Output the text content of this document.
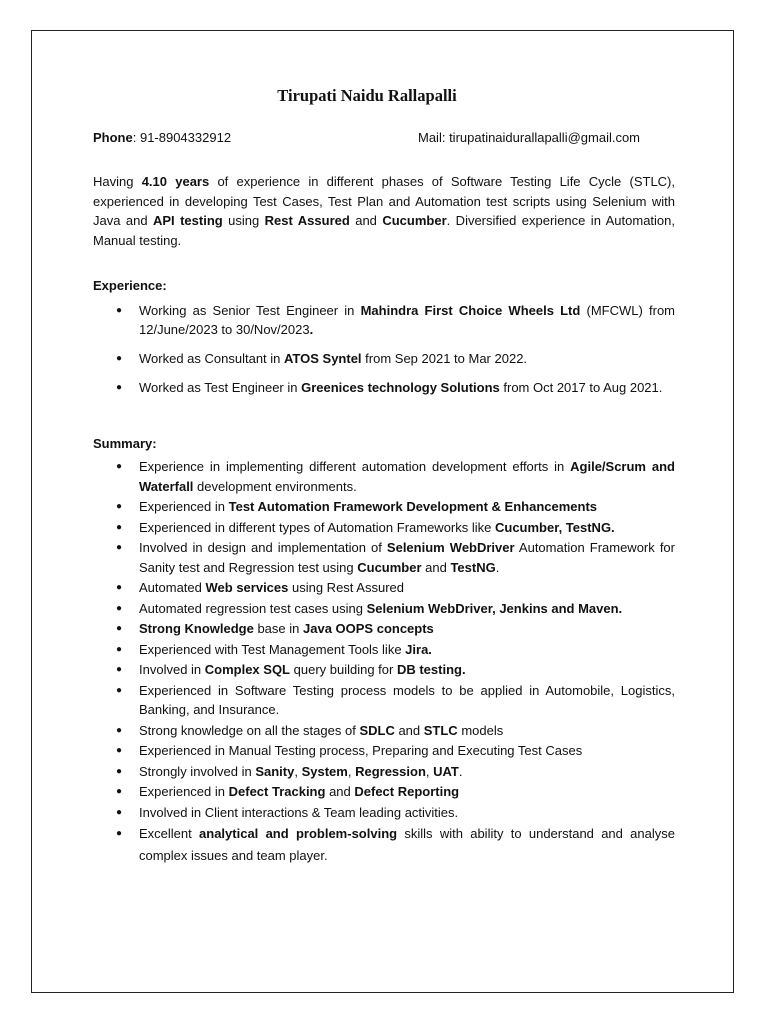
Tirupati Naidu Rallapalli
Phone: 91-8904332912	Mail: tirupatinaidurallapalli@gmail.com
Having 4.10 years of experience in different phases of Software Testing Life Cycle (STLC), experienced in developing Test Cases, Test Plan and Automation test scripts using Selenium with Java and API testing using Rest Assured and Cucumber. Diversified experience in Automation, Manual testing.
Experience:
● Working as Senior Test Engineer in Mahindra First Choice Wheels Ltd (MFCWL) from 12/June/2023 to 30/Nov/2023.
● Worked as Consultant in ATOS Syntel from Sep 2021 to Mar 2022.
● Worked as Test Engineer in Greenices technology Solutions from Oct 2017 to Aug 2021.
Summary:
● Experience in implementing different automation development efforts in Agile/Scrum and Waterfall development environments.
● Experienced in Test Automation Framework Development & Enhancements
● Experienced in different types of Automation Frameworks like Cucumber, TestNG.
● Involved in design and implementation of Selenium WebDriver Automation Framework for Sanity test and Regression test using Cucumber and TestNG.
● Automated Web services using Rest Assured
● Automated regression test cases using Selenium WebDriver, Jenkins and Maven.
● Strong Knowledge base in Java OOPS concepts
● Experienced with Test Management Tools like Jira.
● Involved in Complex SQL query building for DB testing.
● Experienced in Software Testing process models to be applied in Automobile, Logistics, Banking, and Insurance.
● Strong knowledge on all the stages of SDLC and STLC models
● Experienced in Manual Testing process, Preparing and Executing Test Cases
● Strongly involved in Sanity, System, Regression, UAT.
● Experienced in Defect Tracking and Defect Reporting
● Involved in Client interactions & Team leading activities.
● Excellent analytical and problem-solving skills with ability to understand and analyse complex issues and team player.
